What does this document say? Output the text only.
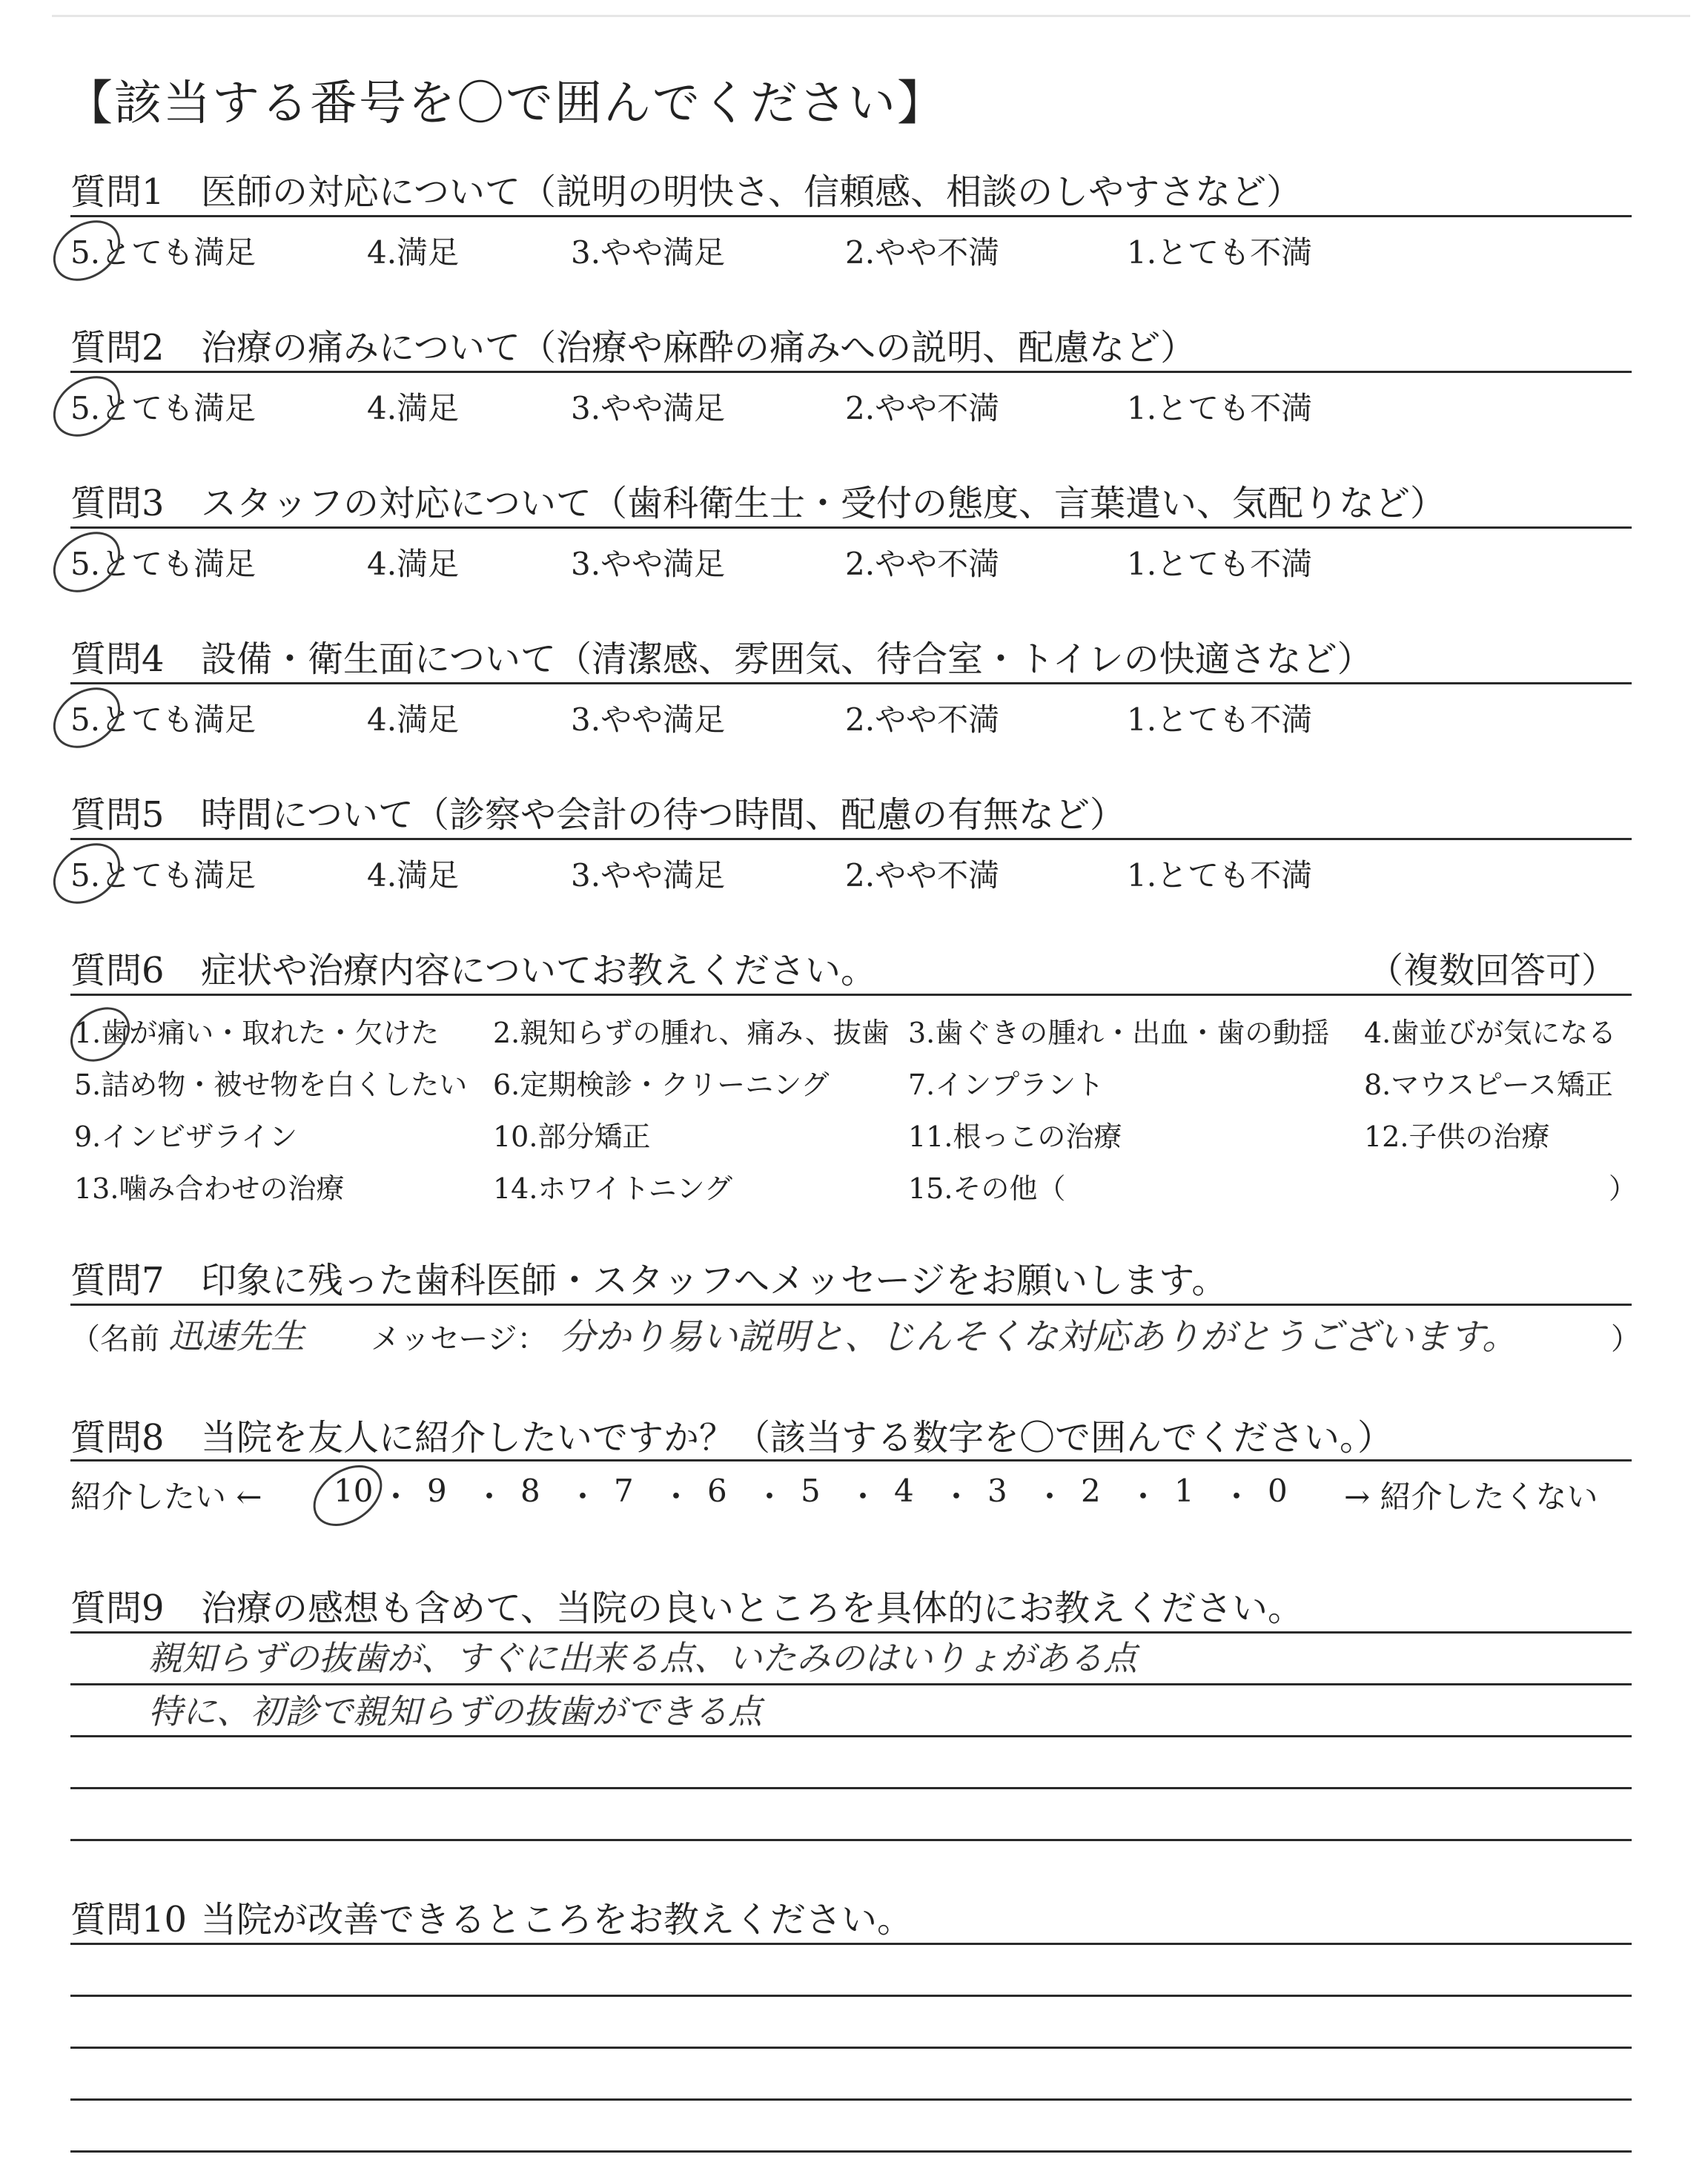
【該当する番号を〇で囲んでください】
質問1 医師の対応について（説明の明快さ、信頼感、相談のしやすさなど）
5.とても満足	4.満足	3.やや満足	2.やや不満	1.とても不満
質問2 治療の痛みについて（治療や麻酔の痛みへの説明、配慮など）
5.とても満足	4.満足	3.やや満足	2.やや不満	1.とても不満
質問3 スタッフの対応について（歯科衛生士・受付の態度、言葉遣い、気配りなど）
5.とても満足	4.満足	3.やや満足	2.やや不満	1.とても不満
質問4 設備・衛生面について（清潔感、雰囲気、待合室・トイレの快適さなど）
5.とても満足	4.満足	3.やや満足	2.やや不満	1.とても不満
質問5 時間について（診察や会計の待つ時間、配慮の有無など）
5.とても満足	4.満足	3.やや満足	2.やや不満	1.とても不満
質問6 症状や治療内容についてお教えください。	（複数回答可）
1.歯が痛い・取れた・欠けた 2.親知らずの腫れ、痛み、抜歯 3.歯ぐきの腫れ・出血・歯の動揺 4.歯並びが気になる
5.詰め物・被せ物を白くしたい 6.定期検診・クリーニング	7.インプラント	8.マウスピース矯正
9.インビザライン	10.部分矯正	11.根っこの治療	12.子供の治療
13.噛み合わせの治療	14.ホワイトニング	15.その他（	）
質問7 印象に残った歯科医師・スタッフへメッセージをお願いします。
（名前 迅速先生 メッセージ： 分かり易い説明と、じんそくな対応ありがとうございます。	）
質問8 当院を友人に紹介したいですか？（該当する数字を〇で囲んでください。）
紹介したい ←	→ 紹介したくない
10 ・ 9 ・ 8 ・ 7 ・ 6 ・ 5 ・ 4 ・ 3 ・ 2 ・ 1 ・ 0
質問9 治療の感想も含めて、当院の良いところを具体的にお教えください。
親知らずの抜歯が、すぐに出来る点、いたみのはいりょがある点
特に、初診で親知らずの抜歯ができる点
質問10 当院が改善できるところをお教えください。
